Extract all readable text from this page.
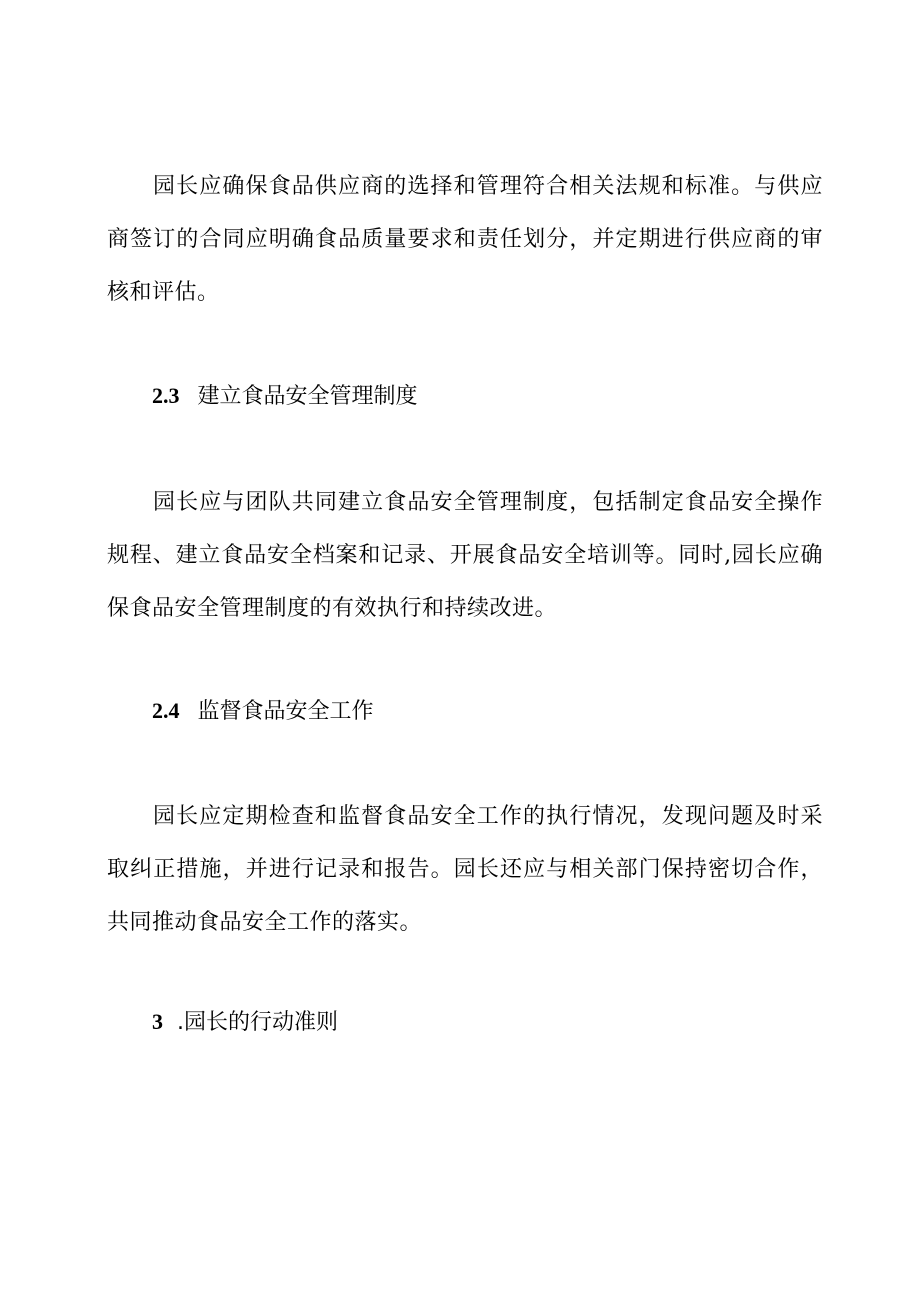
园长应确保食品供应商的选择和管理符合相关法规和标准。与供应商签订的合同应明确食品质量要求和责任划分，并定期进行供应商的审核和评估。

2.3 建立食品安全管理制度

园长应与团队共同建立食品安全管理制度，包括制定食品安全操作规程、建立食品安全档案和记录、开展食品安全培训等。同时,园长应确保食品安全管理制度的有效执行和持续改进。

2.4 监督食品安全工作

园长应定期检查和监督食品安全工作的执行情况，发现问题及时采取纠正措施，并进行记录和报告。园长还应与相关部门保持密切合作，共同推动食品安全工作的落实。

3 .园长的行动准则
